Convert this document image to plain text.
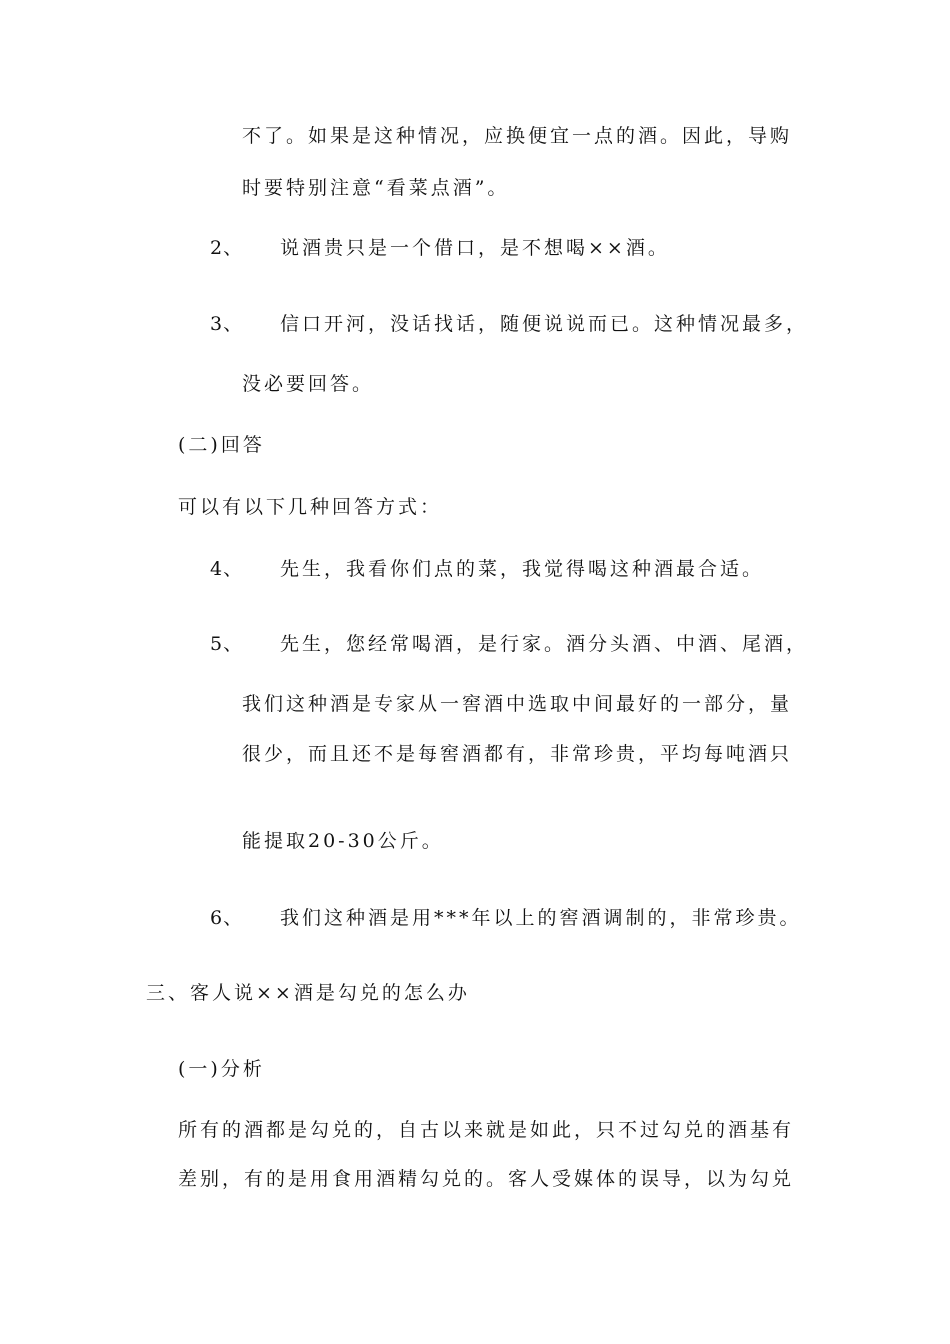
不了。如果是这种情况，应换便宜一点的酒。因此，导购

时要特别注意“看菜点酒”。

2、 说酒贵只是一个借口，是不想喝××酒。
3、 信口开河，没话找话，随便说说而已。这种情况最多，

没必要回答。

(二)回答

可以有以下几种回答方式：

4、 先生，我看你们点的菜，我觉得喝这种酒最合适。
5、 先生，您经常喝酒，是行家。酒分头酒、中酒、尾酒，

我们这种酒是专家从一窖酒中选取中间最好的一部分，量

很少，而且还不是每窖酒都有，非常珍贵，平均每吨酒只

能提取20-30公斤。

6、 我们这种酒是用***年以上的窖酒调制的，非常珍贵。

三、客人说××酒是勾兑的怎么办

(一)分析

所有的酒都是勾兑的，自古以来就是如此，只不过勾兑的酒基有

差别，有的是用食用酒精勾兑的。客人受媒体的误导，以为勾兑
